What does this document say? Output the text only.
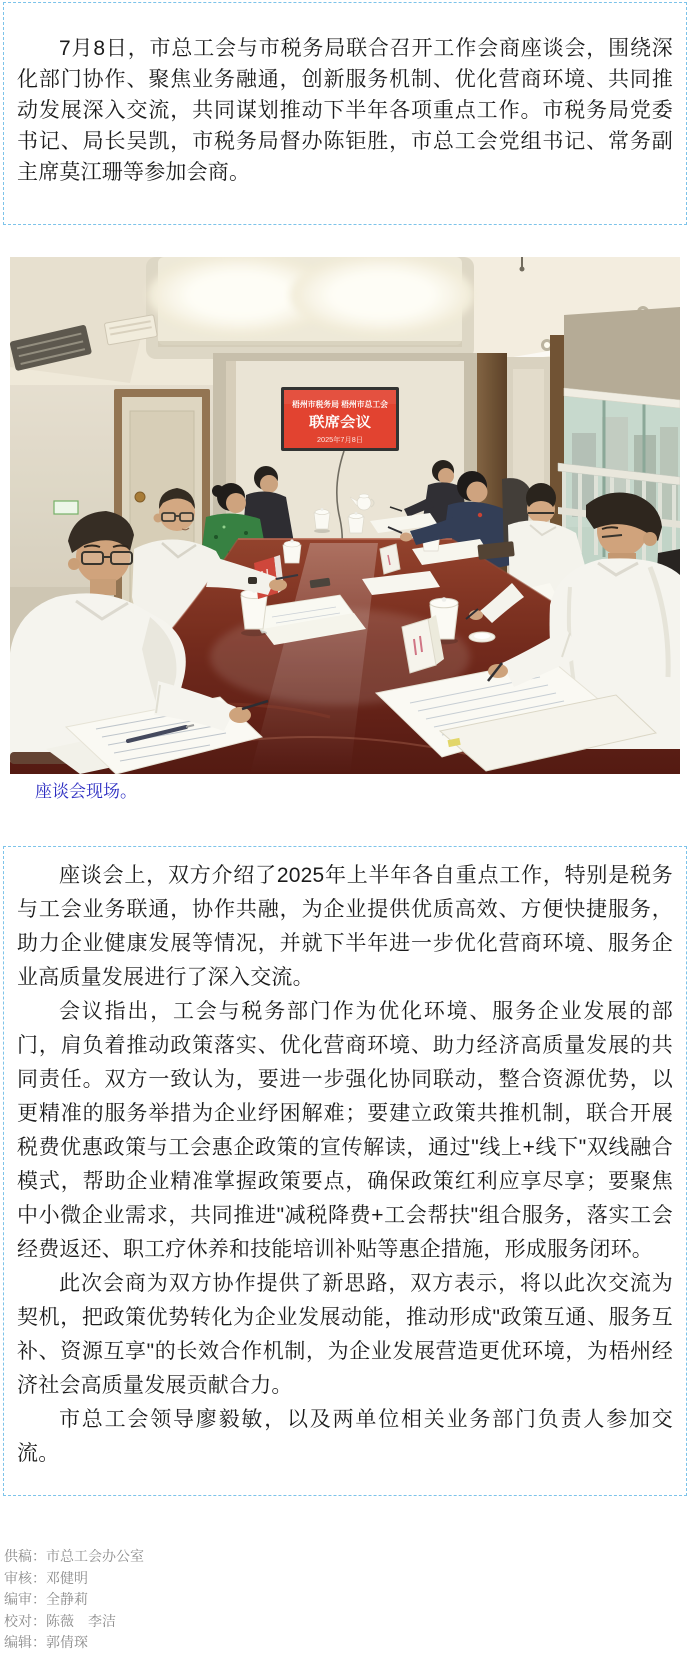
7月8日，市总工会与市税务局联合召开工作会商座谈会，围绕深化部门协作、聚焦业务融通，创新服务机制、优化营商环境、共同推动发展深入交流，共同谋划推动下半年各项重点工作。市税务局党委书记、局长吴凯，市税务局督办陈钜胜，市总工会党组书记、常务副主席莫江珊等参加会商。

梧州市税务局 梧州市总工会
联席会议
2025年7月8日
座谈会现场。

座谈会上，双方介绍了2025年上半年各自重点工作，特别是税务与工会业务联通，协作共融，为企业提供优质高效、方便快捷服务，助力企业健康发展等情况，并就下半年进一步优化营商环境、服务企业高质量发展进行了深入交流。

会议指出，工会与税务部门作为优化环境、服务企业发展的部门，肩负着推动政策落实、优化营商环境、助力经济高质量发展的共同责任。双方一致认为，要进一步强化协同联动，整合资源优势，以更精准的服务举措为企业纾困解难；要建立政策共推机制，联合开展税费优惠政策与工会惠企政策的宣传解读，通过"线上+线下"双线融合模式，帮助企业精准掌握政策要点，确保政策红利应享尽享；要聚焦中小微企业需求，共同推进"减税降费+工会帮扶"组合服务，落实工会经费返还、职工疗休养和技能培训补贴等惠企措施，形成服务闭环。

此次会商为双方协作提供了新思路，双方表示，将以此次交流为契机，把政策优势转化为企业发展动能，推动形成"政策互通、服务互补、资源互享"的长效合作机制，为企业发展营造更优环境，为梧州经济社会高质量发展贡献合力。

市总工会领导廖毅敏，以及两单位相关业务部门负责人参加交流。

供稿：市总工会办公室
审核：邓健明
编审：全静莉
校对：陈薇　李洁
编辑：郭倩琛
